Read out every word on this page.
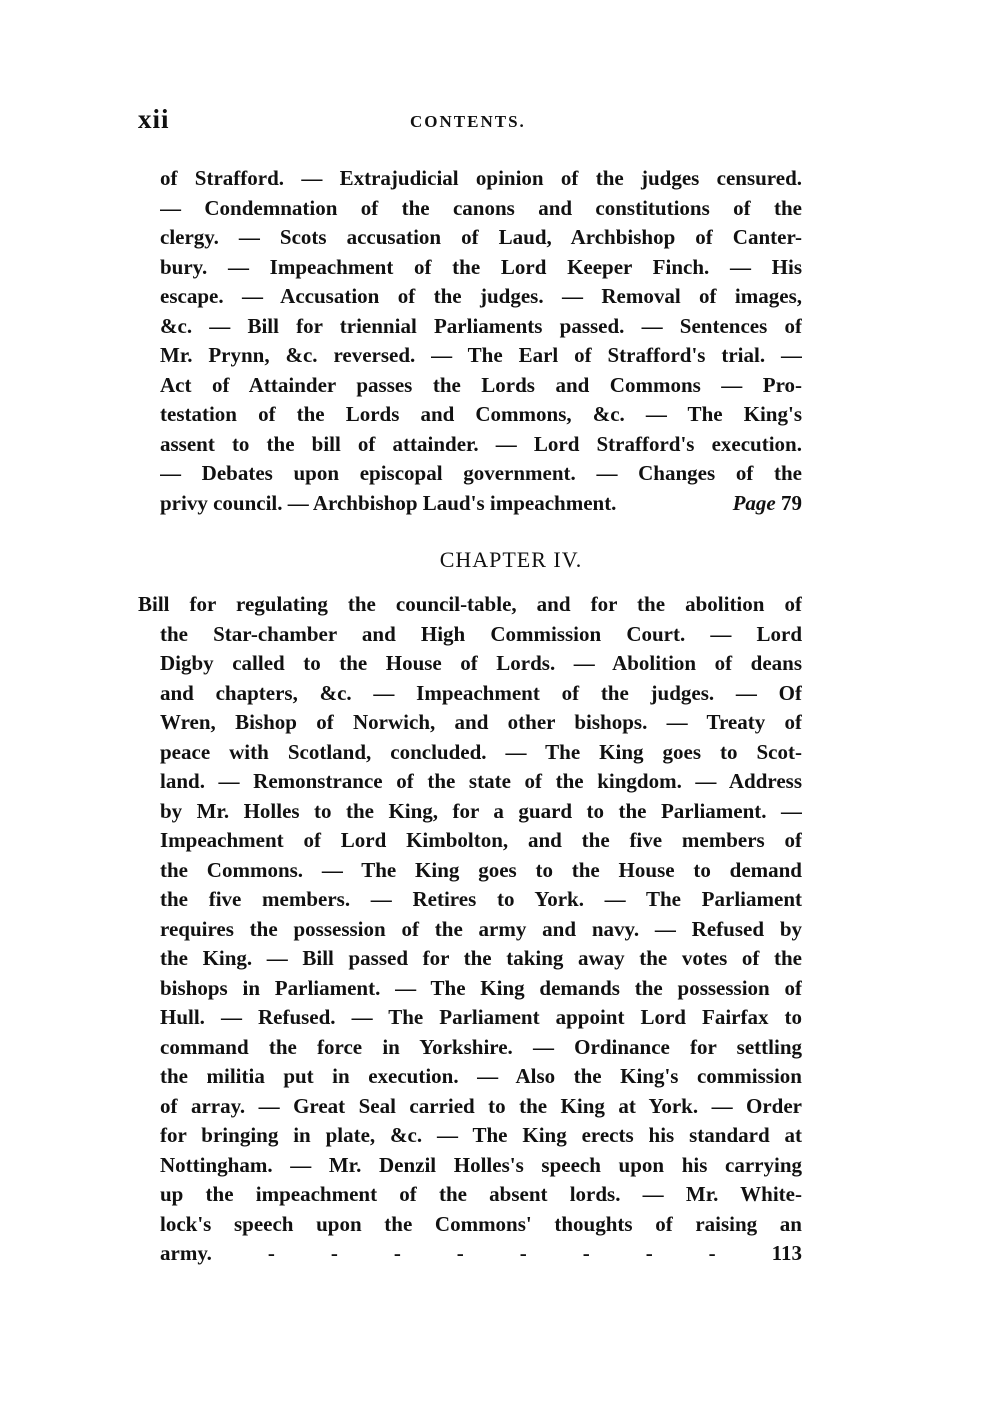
xii	CONTENTS.
of Strafford. — Extrajudicial opinion of the judges censured.
— Condemnation of the canons and constitutions of the
clergy. — Scots accusation of Laud, Archbishop of Canter-
bury. — Impeachment of the Lord Keeper Finch. — His
escape. — Accusation of the judges. — Removal of images,
&c. — Bill for triennial Parliaments passed. — Sentences of
Mr. Prynn, &c. reversed. — The Earl of Strafford's trial. —
Act of Attainder passes the Lords and Commons — Pro-
testation of the Lords and Commons, &c. — The King's
assent to the bill of attainder. — Lord Strafford's execution.
— Debates upon episcopal government. — Changes of the
privy council. — Archbishop Laud's impeachment.	Page 79
CHAPTER IV.
Bill for regulating the council-table, and for the abolition of
the Star-chamber and High Commission Court. — Lord
Digby called to the House of Lords. — Abolition of deans
and chapters, &c. — Impeachment of the judges. — Of
Wren, Bishop of Norwich, and other bishops. — Treaty of
peace with Scotland, concluded. — The King goes to Scot-
land. — Remonstrance of the state of the kingdom. — Address
by Mr. Holles to the King, for a guard to the Parliament. —
Impeachment of Lord Kimbolton, and the five members of
the Commons. — The King goes to the House to demand
the five members. — Retires to York. — The Parliament
requires the possession of the army and navy. — Refused by
the King. — Bill passed for the taking away the votes of the
bishops in Parliament. — The King demands the possession of
Hull. — Refused. — The Parliament appoint Lord Fairfax to
command the force in Yorkshire. — Ordinance for settling
the militia put in execution. — Also the King's commission
of array. — Great Seal carried to the King at York. — Order
for bringing in plate, &c. — The King erects his standard at
Nottingham. — Mr. Denzil Holles's speech upon his carrying
up the impeachment of the absent lords. — Mr. White-
lock's speech upon the Commons' thoughts of raising an
army.	-	-	-	-	-	-	-	-	113
